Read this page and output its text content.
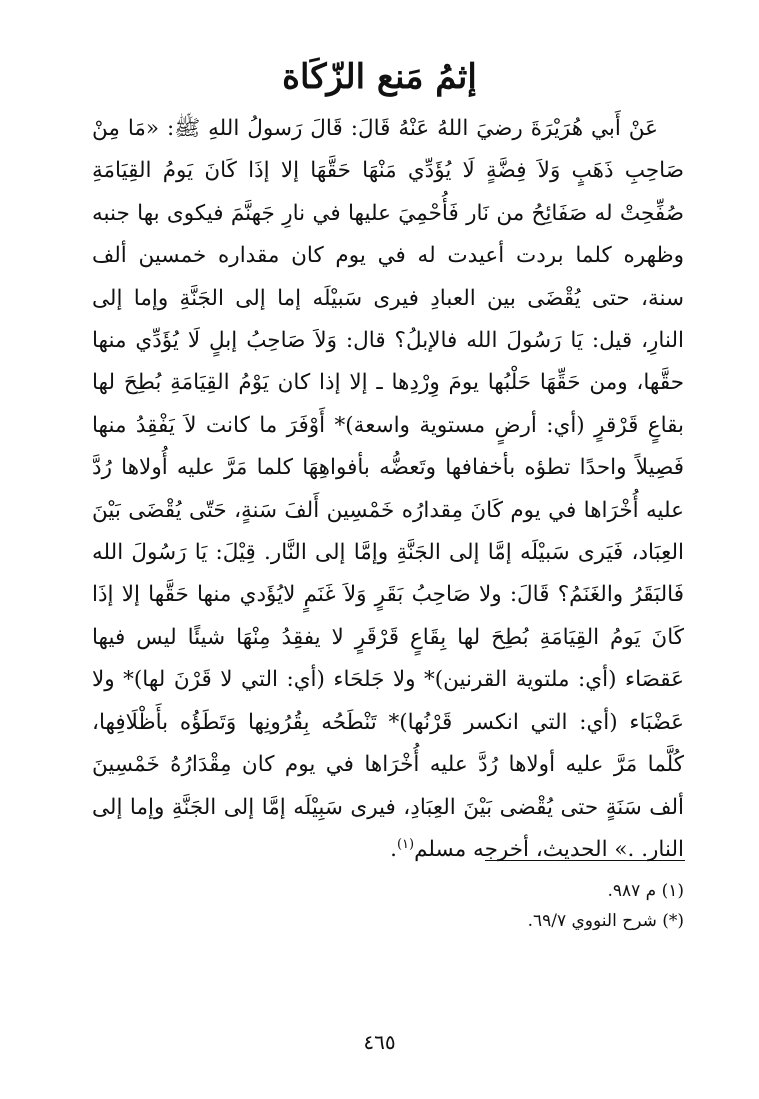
إثمُ مَنع الزّكَاة

عَنْ أَبي هُرَيْرَةَ رضيَ اللهُ عَنْهُ قَالَ: قَالَ رَسولُ اللهِ ﷺ: «مَا مِنْ صَاحِبِ ذَهَبٍ وَلاَ فِضَّةٍ لَا يُؤَدِّي مَنْهَا حَقَّهَا إلا إذَا كَانَ يَومُ القِيَامَةِ صُفِّحِتْ له صَفَائِحُ من نَار فَأُحْمِيَ عليها في نارِ جَهنَّمَ فيكوى بها جنبه وظهره كلما بردت أعيدت له في يوم كان مقداره خمسين ألف سنة، حتى يُقْضَى بين العبادِ فيرى سَبيْلَه إما إلى الجَنَّةِ وإما إلى النارِ، قيل: يَا رَسُولَ الله فالإبلُ؟ قال: وَلاَ صَاحِبُ إبلٍ لَا يُؤَدِّي منها حقَّها، ومن حَقِّهَا حَلْبُها يومَ وِرْدِها ـ إلا إذا كان يَوْمُ القِيَامَةِ بُطِحَ لها بقاعٍ قَرْقرٍ (أي: أرضٍ مستوية واسعة)* أَوْفَرَ ما كانت لاَ يَفْقِدُ منها فَصِيلاً واحدًا تطؤه بأخفافها وتَعضُّه بأفواهِهَا كلما مَرَّ عليه أُولاها رُدَّ عليه أُخْرَاها في يوم كَانَ مِقدارُه خَمْسِين أَلفَ سَنةٍ، حَتّى يُقْضَى بَيْنَ العِبَاد، فَيَرى سَبيْلَه إمَّا إلى الجَنَّةِ وإمَّا إلى النَّار. قِيْلَ: يَا رَسُولَ الله فَالبَقَرُ والغَنَمُ؟ قَالَ: ولا صَاحِبُ بَقَرٍ وَلاَ غَنَمٍ لايُؤَدي منها حَقَّها إلا إذَا كَانَ يَومُ القِيَامَةِ بُطِحَ لها بِقَاعٍ قَرْقَرٍ لا يفقِدُ مِنْهَا شيئًا ليس فيها عَقصَاء (أي: ملتوية القرنين)* ولا جَلحَاء (أي: التي لا قَرْنَ لها)* ولا عَضْبَاء (أي: التي انكسر قَرْنُها)* تَنْطَحُه بِقُرُونِها وَتَطَؤُه بأَظْلَافِها، كُلَّما مَرَّ عليه أولاها رُدَّ عليه أُخْرَاها في يوم كان مِقْدَارُهُ خَمْسِينَ ألف سَنَةٍ حتى يُقْضى بَيْنَ العِبَادِ، فيرى سَبِيْلَه إمَّا إلى الجَنَّةِ وإما إلى النار. .» الحديث، أخرجه مسلم$^{(١)}$.

(١) م ٩٨٧.
(*) شرح النووي ٦٩/٧.
٤٦٥
